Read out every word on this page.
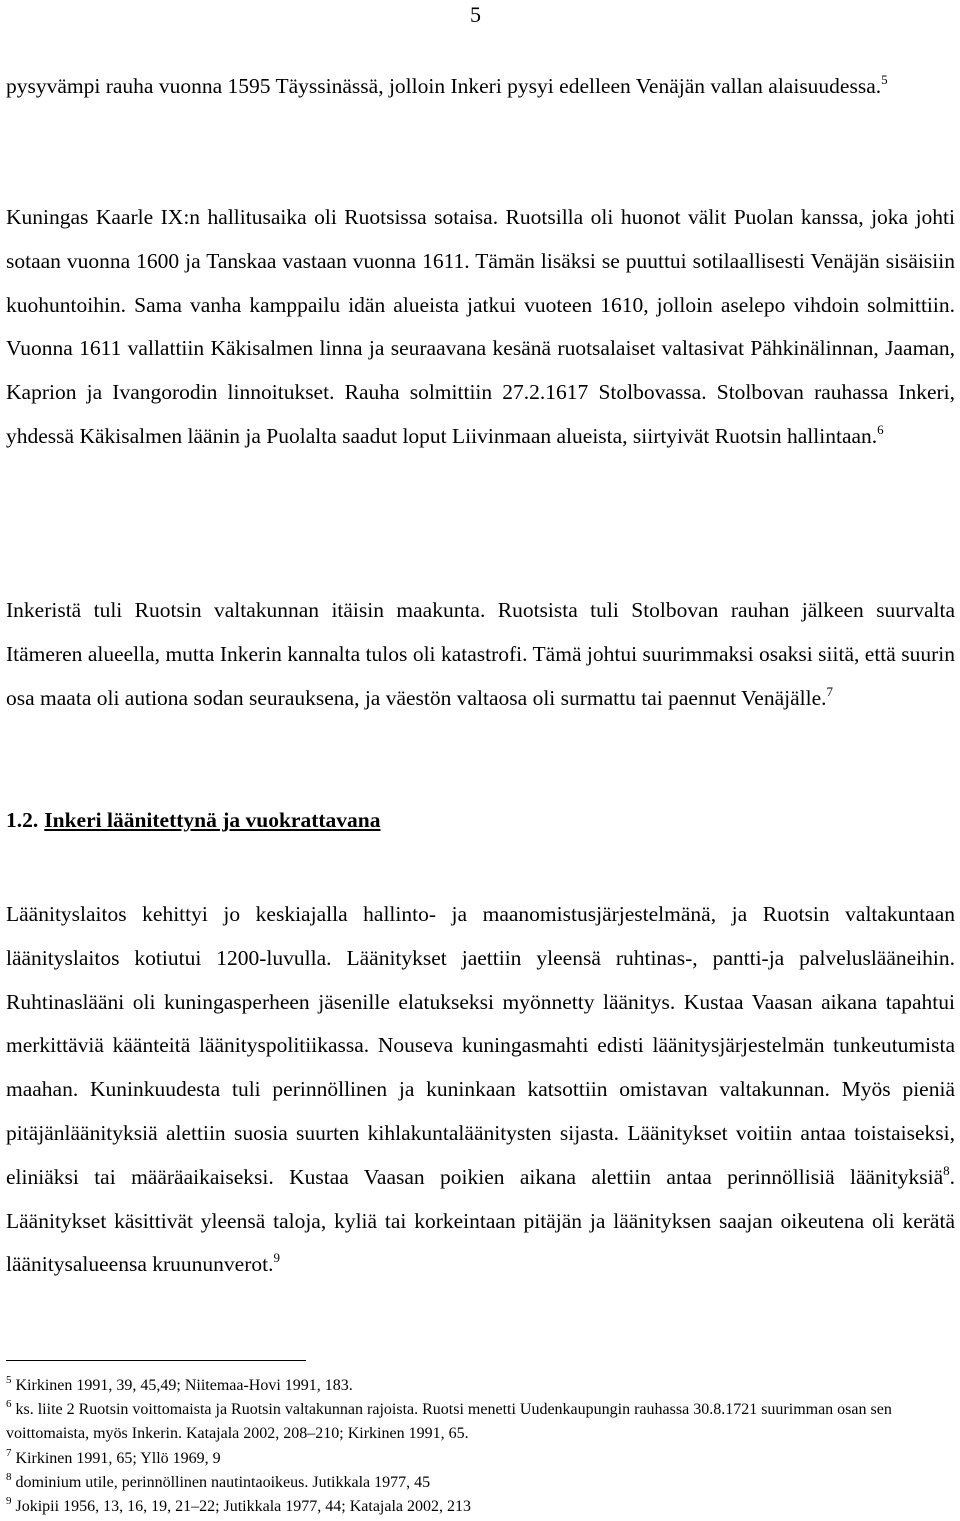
5

pysyvämpi rauha vuonna 1595 Täyssinässä, jolloin Inkeri pysyi edelleen Venäjän vallan alaisuudessa.$^5$

Kuningas Kaarle IX:n hallitusaika oli Ruotsissa sotaisa. Ruotsilla oli huonot välit Puolan kanssa, joka johti sotaan vuonna 1600 ja Tanskaa vastaan vuonna 1611. Tämän lisäksi se puuttui sotilaallisesti Venäjän sisäisiin kuohuntoihin. Sama vanha kamppailu idän alueista jatkui vuoteen 1610, jolloin aselepo vihdoin solmittiin. Vuonna 1611 vallattiin Käkisalmen linna ja seuraavana kesänä ruotsalaiset valtasivat Pähkinälinnan, Jaaman, Kaprion ja Ivangorodin linnoitukset. Rauha solmittiin 27.2.1617 Stolbovassa. Stolbovan rauhassa Inkeri, yhdessä Käkisalmen läänin ja Puolalta saadut loput Liivinmaan alueista, siirtyivät Ruotsin hallintaan.$^6$

Inkeristä tuli Ruotsin valtakunnan itäisin maakunta. Ruotsista tuli Stolbovan rauhan jälkeen suurvalta Itämeren alueella, mutta Inkerin kannalta tulos oli katastrofi. Tämä johtui suurimmaksi osaksi siitä, että suurin osa maata oli autiona sodan seurauksena, ja väestön valtaosa oli surmattu tai paennut Venäjälle.$^7$

1.2. Inkeri läänitettynä ja vuokrattavana

Läänityslaitos kehittyi jo keskiajalla hallinto- ja maanomistusjärjestelmänä, ja Ruotsin valtakuntaan läänityslaitos kotiutui 1200-luvulla. Läänitykset jaettiin yleensä ruhtinas-, pantti-ja palveluslääneihin. Ruhtinaslääni oli kuningasperheen jäsenille elatukseksi myönnetty läänitys. Kustaa Vaasan aikana tapahtui merkittäviä käänteitä läänityspolitiikassa. Nouseva kuningasmahti edisti läänitysjärjestelmän tunkeutumista maahan. Kuninkuudesta tuli perinnöllinen ja kuninkaan katsottiin omistavan valtakunnan. Myös pieniä pitäjänläänityksiä alettiin suosia suurten kihlakuntaläänitysten sijasta. Läänitykset voitiin antaa toistaiseksi, eliniäksi tai määräaikaiseksi. Kustaa Vaasan poikien aikana alettiin antaa perinnöllisiä läänityksiä$^8$. Läänitykset käsittivät yleensä taloja, kyliä tai korkeintaan pitäjän ja läänityksen saajan oikeutena oli kerätä läänitysalueensa kruununverot.$^9$

$^5$ Kirkinen 1991, 39, 45,49; Niitemaa-Hovi 1991, 183.
$^6$ ks. liite 2 Ruotsin voittomaista ja Ruotsin valtakunnan rajoista. Ruotsi menetti Uudenkaupungin rauhassa 30.8.1721 suurimman osan sen voittomaista, myös Inkerin. Katajala 2002, 208–210; Kirkinen 1991, 65.
$^7$ Kirkinen 1991, 65; Yllö 1969, 9
$^8$ dominium utile, perinnöllinen nautintaoikeus. Jutikkala 1977, 45
$^9$ Jokipii 1956, 13, 16, 19, 21–22; Jutikkala 1977, 44; Katajala 2002, 213
